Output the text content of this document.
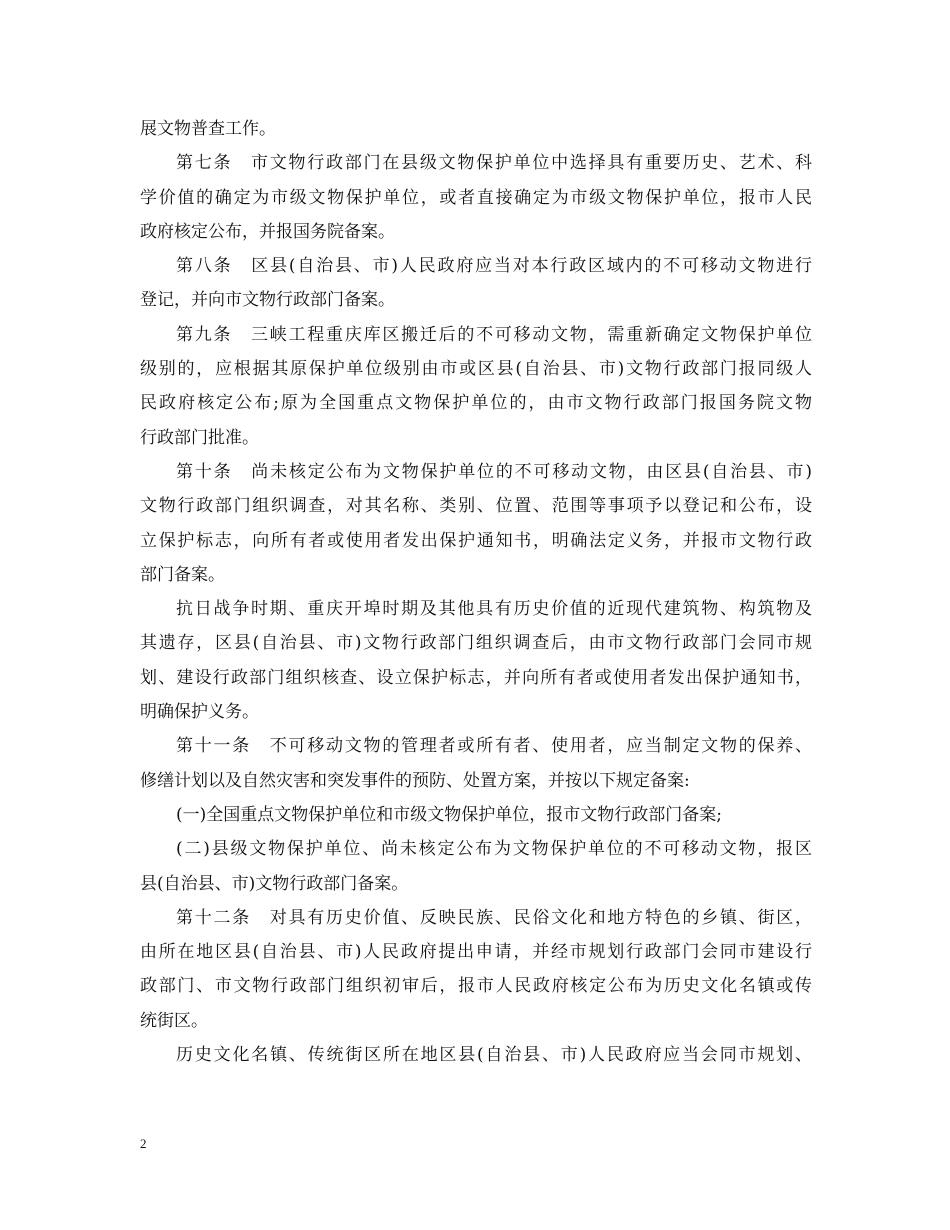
展文物普查工作。
第七条　市文物行政部门在县级文物保护单位中选择具有重要历史、艺术、科
学价值的确定为市级文物保护单位，或者直接确定为市级文物保护单位，报市人民
政府核定公布，并报国务院备案。
第八条　区县(自治县、市)人民政府应当对本行政区域内的不可移动文物进行
登记，并向市文物行政部门备案。
第九条　三峡工程重庆库区搬迁后的不可移动文物，需重新确定文物保护单位
级别的，应根据其原保护单位级别由市或区县(自治县、市)文物行政部门报同级人
民政府核定公布;原为全国重点文物保护单位的，由市文物行政部门报国务院文物
行政部门批准。
第十条　尚未核定公布为文物保护单位的不可移动文物，由区县(自治县、市)
文物行政部门组织调查，对其名称、类别、位置、范围等事项予以登记和公布，设
立保护标志，向所有者或使用者发出保护通知书，明确法定义务，并报市文物行政
部门备案。
抗日战争时期、重庆开埠时期及其他具有历史价值的近现代建筑物、构筑物及
其遗存，区县(自治县、市)文物行政部门组织调查后，由市文物行政部门会同市规
划、建设行政部门组织核查、设立保护标志，并向所有者或使用者发出保护通知书，
明确保护义务。
第十一条　不可移动文物的管理者或所有者、使用者，应当制定文物的保养、
修缮计划以及自然灾害和突发事件的预防、处置方案，并按以下规定备案:
(一)全国重点文物保护单位和市级文物保护单位，报市文物行政部门备案;
(二)县级文物保护单位、尚未核定公布为文物保护单位的不可移动文物，报区
县(自治县、市)文物行政部门备案。
第十二条　对具有历史价值、反映民族、民俗文化和地方特色的乡镇、街区，
由所在地区县(自治县、市)人民政府提出申请，并经市规划行政部门会同市建设行
政部门、市文物行政部门组织初审后，报市人民政府核定公布为历史文化名镇或传
统街区。
历史文化名镇、传统街区所在地区县(自治县、市)人民政府应当会同市规划、
2
